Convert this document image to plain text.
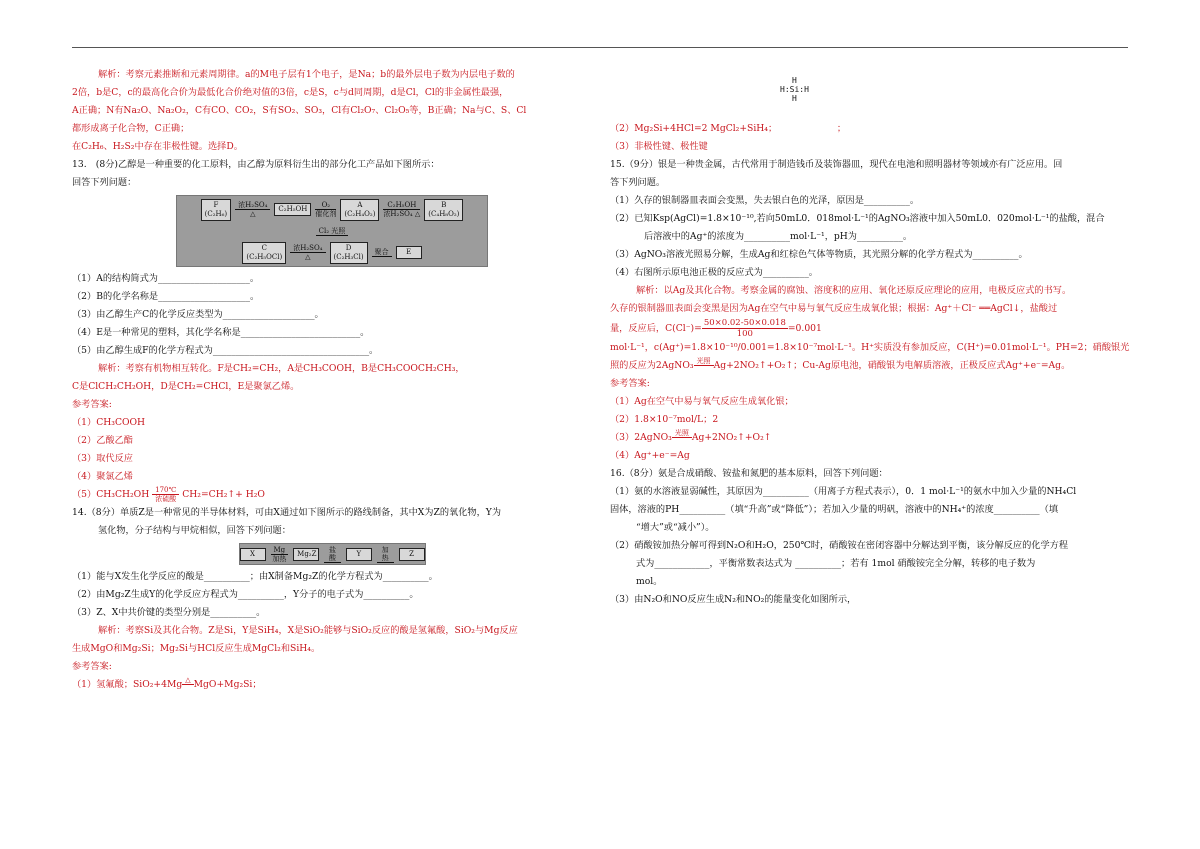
解析：考察元素推断和元素周期律。a的M电子层有1个电子，是Na；b的最外层电子数为内层电子数的
2倍，b是C，c的最高化合价为最低化合价绝对值的3倍，c是S，c与d同周期，d是Cl，Cl的非金属性最强，
A正确；N有Na₂O、Na₂O₂，C有CO、CO₂，S有SO₂、SO₃，Cl有Cl₂O₇、Cl₂O₅等，B正确；Na与C、S、Cl
都形成离子化合物，C正确；
在C₂H₆、H₂S₂中存在非极性键。选择D。
13.　(8分)乙醇是一种重要的化工原料，由乙醇为原料衍生出的部分化工产品如下图所示：
回答下列问题：
F
(C₂H₆)
浓H₂SO₄
△
C₂H₅OH	O₂
催化剂
A
(C₂H₄O₂)
C₂H₅OH
浓H₂SO₄ △
B
(C₄H₈O₂)
Cl₂ 光照
C
(C₂H₅OCl)
浓H₂SO₄
△
D
(C₂H₃Cl)
聚合	E
（1）A的结构简式为____________________。
（2）B的化学名称是____________________。
（3）由乙醇生产C的化学反应类型为____________________。
（4）E是一种常见的塑料，其化学名称是__________________________。
（5）由乙醇生成F的化学方程式为__________________________________。
解析：考察有机物相互转化。F是CH₂=CH₂，A是CH₃COOH，B是CH₃COOCH₂CH₃，
C是ClCH₂CH₂OH，D是CH₂=CHCl，E是聚氯乙烯。
参考答案:
（1）CH₃COOH
（2）乙酸乙酯
（3）取代反应
（4）聚氯乙烯
（5）CH₃CH₂OH 170℃
浓硫酸 CH₂=CH₂↑+ H₂O
14.（8分）单质Z是一种常见的半导体材料，可由X通过如下图所示的路线制备，其中X为Z的氧化物，Y为
氢化物，分子结构与甲烷相似，回答下列问题：
X	Mg
加热
Mg₂Z	盐酸	Y	加热	Z
（1）能与X发生化学反应的酸是__________；由X制备Mg₂Z的化学方程式为__________。
（2）由Mg₂Z生成Y的化学反应方程式为__________，Y分子的电子式为__________。
（3）Z、X中共价键的类型分别是__________。
解析：考察Si及其化合物。Z是Si，Y是SiH₄，X是SiO₂能够与SiO₂反应的酸是氢氟酸，SiO₂与Mg反应
生成MgO和Mg₂Si；Mg₂Si与HCl反应生成MgCl₂和SiH₄。
参考答案:
（1）氢氟酸；SiO₂+4Mg △
MgO+Mg₂Si；
H
H:Si:H
H
（2）Mg₂Si+4HCl=2 MgCl₂+SiH₄；　　　　　　　；
（3）非极性键、极性键
15.（9分）银是一种贵金属，古代常用于制造钱币及装饰器皿，现代在电池和照明器材等领域亦有广泛应用。回
答下列问题。
（1）久存的银制器皿表面会变黑，失去银白色的光泽，原因是__________。
（2）已知Ksp(AgCl)=1.8×10⁻¹⁰,若向50mL0．018mol·L⁻¹的AgNO₃溶液中加入50mL0．020mol·L⁻¹的盐酸，混合
后溶液中的Ag⁺的浓度为__________mol·L⁻¹，pH为__________。
（3）AgNO₃溶液光照易分解，生成Ag和红棕色气体等物质，其光照分解的化学方程式为__________。
（4）右图所示原电池正极的反应式为__________。
解析：以Ag及其化合物。考察金属的腐蚀、溶度积的应用、氧化还原反应理论的应用，电极反应式的书写。
久存的银制器皿表面会变黑是因为Ag在空气中易与氧气反应生成氧化银；根据：Ag⁺＋Cl⁻ ══AgCl↓，盐酸过
量，反应后，$C(Cl^-)= \frac{50\times 0.02-50\times 0.018}{100} =0.001$
mol·L⁻¹，c(Ag⁺)=1.8×10⁻¹⁰/0.001=1.8×10⁻⁷mol·L⁻¹。H⁺实质没有参加反应，C(H⁺)=0.01mol·L⁻¹。PH=2；硝酸银光
照的反应为2AgNO₃ 光照
Ag+2NO₂↑+O₂↑；Cu-Ag原电池，硝酸银为电解质溶液，正极反应式Ag⁺+e⁻=Ag。
参考答案:
（1）Ag在空气中易与氧气反应生成氧化银；
（2）1.8×10⁻⁷mol/L；2
（3）2AgNO₃ 光照
Ag+2NO₂↑+O₂↑
（4）Ag⁺+e⁻=Ag
16.（8分）氨是合成硝酸、铵盐和氮肥的基本原料，回答下列问题：
（1）氨的水溶液显弱碱性，其原因为__________（用离子方程式表示），0．1 mol·L⁻¹的氨水中加入少量的NH₄Cl
固体，溶液的PH__________（填“升高”或“降低”）；若加入少量的明矾，溶液中的NH₄⁺的浓度__________（填
“增大”或“减小”）。
（2）硝酸铵加热分解可得到N₂O和H₂O，250℃时，硝酸铵在密闭容器中分解达到平衡，该分解反应的化学方程
式为____________，平衡常数表达式为 __________；若有 1mol 硝酸铵完全分解，转移的电子数为
mol。
（3）由N₂O和NO反应生成N₂和NO₂的能量变化如图所示，
